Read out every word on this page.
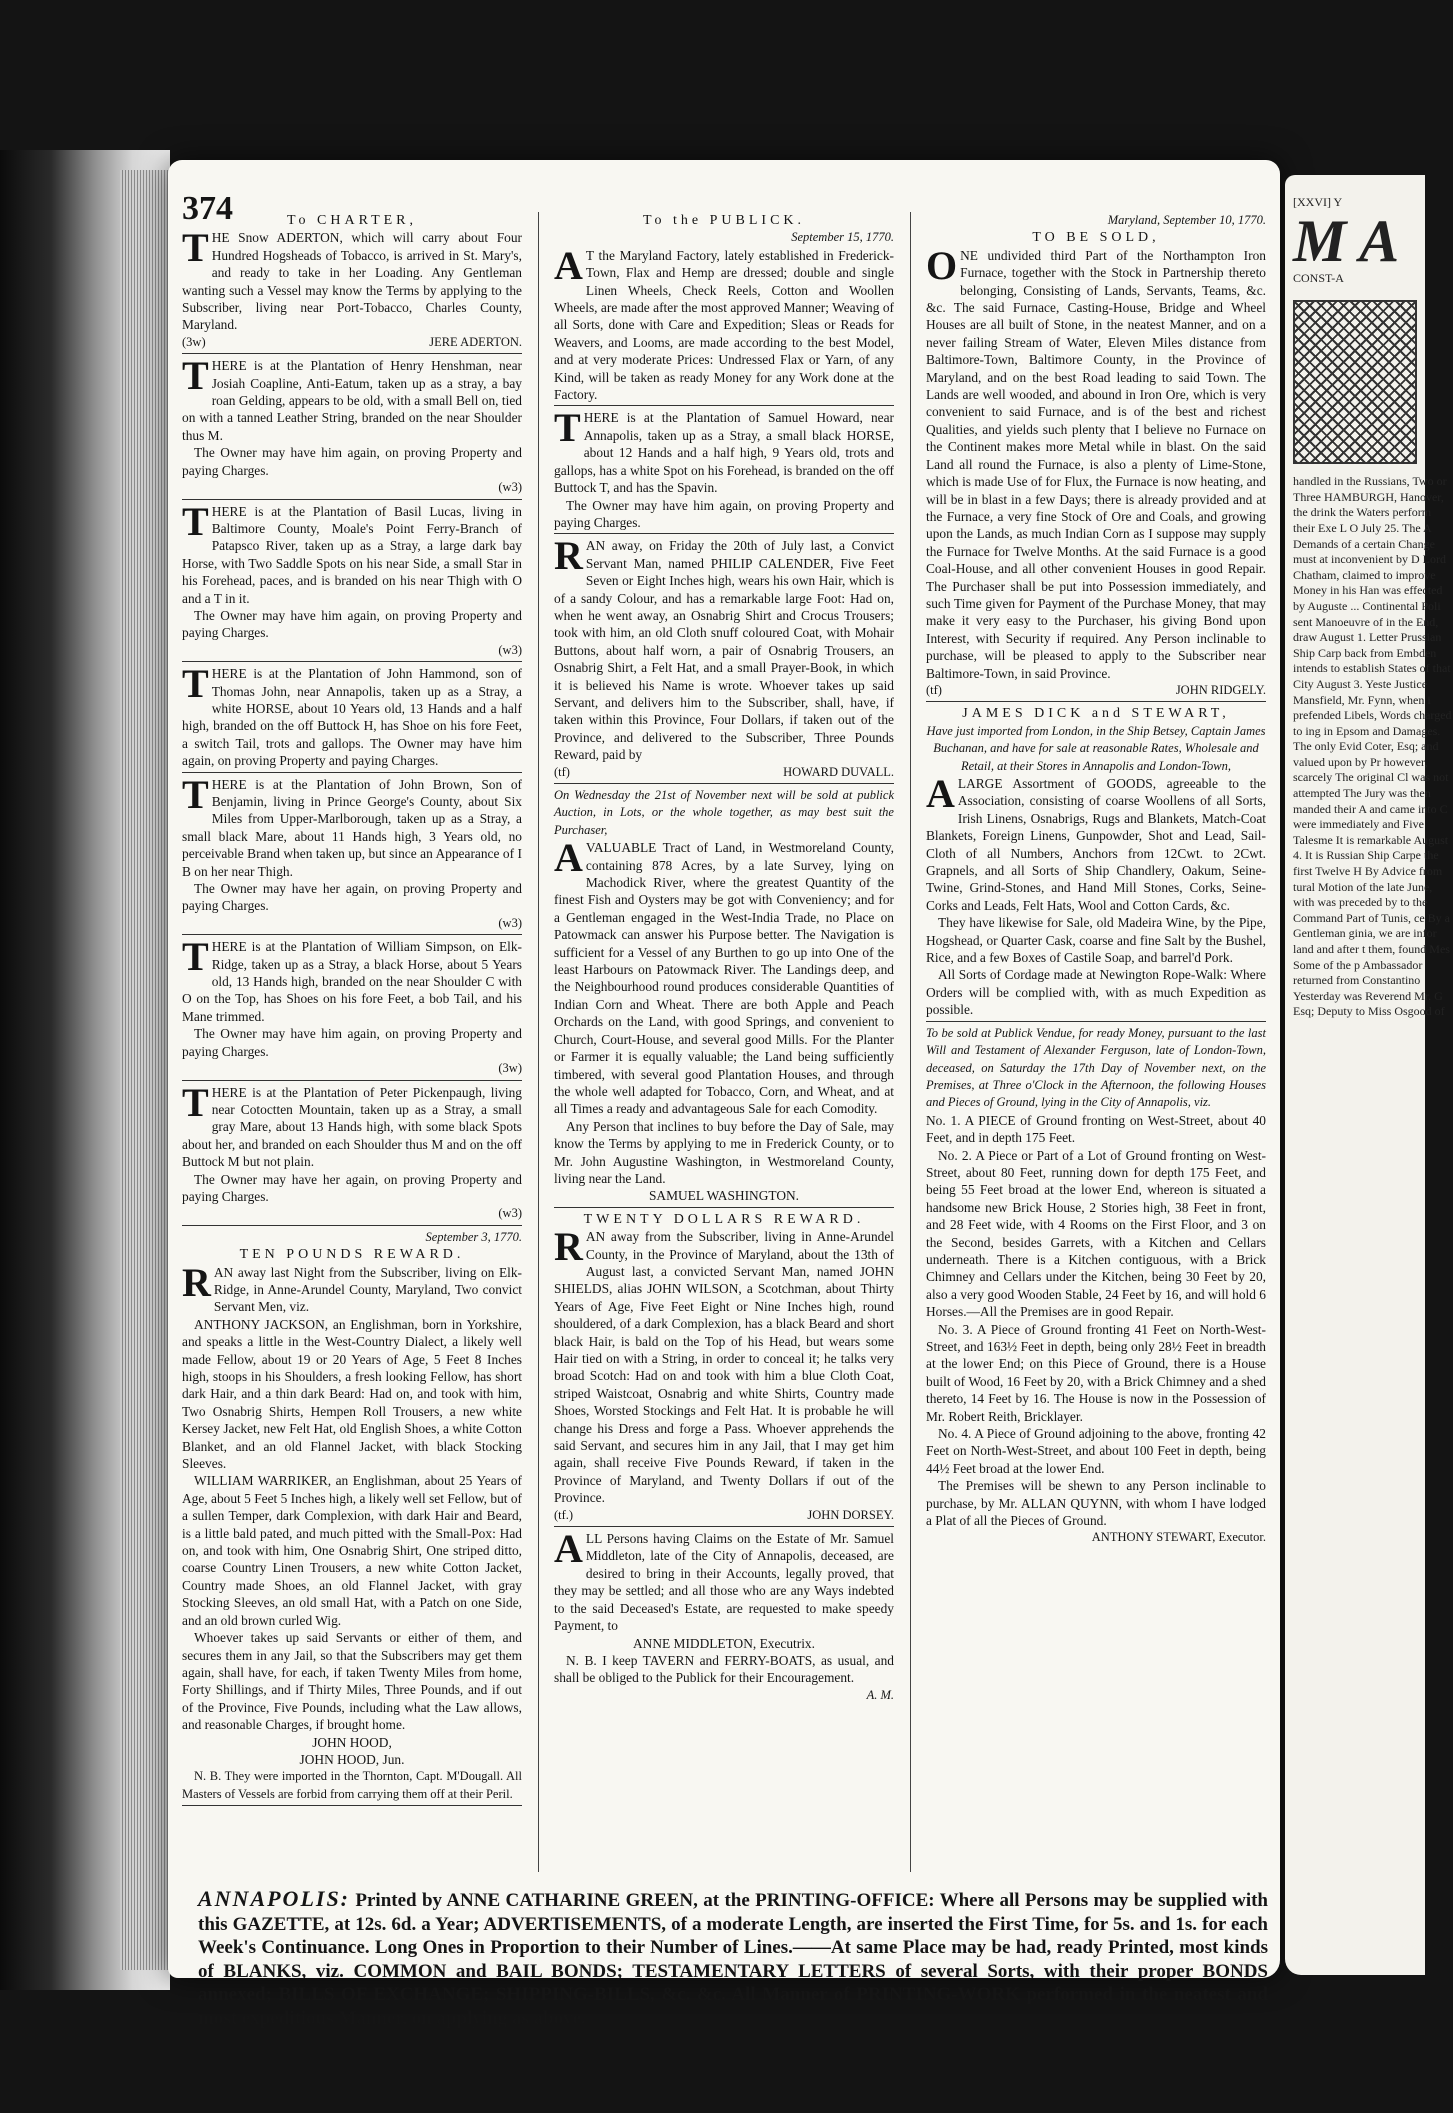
374	To CHARTER,

THE Snow ADERTON, which will carry about Four Hundred Hogsheads of Tobacco, is arrived in St. Mary's, and ready to take in her Loading. Any Gentleman wanting such a Vessel may know the Terms by applying to the Subscriber, living near Port-Tobacco, Charles County, Maryland.

(3w)	JERE ADERTON.

THERE is at the Plantation of Henry Henshman, near Josiah Coapline, Anti-Eatum, taken up as a stray, a bay roan Gelding, appears to be old, with a small Bell on, tied on with a tanned Leather String, branded on the near Shoulder thus M.

The Owner may have him again, on proving Property and paying Charges.

(w3)

THERE is at the Plantation of Basil Lucas, living in Baltimore County, Moale's Point Ferry-Branch of Patapsco River, taken up as a Stray, a large dark bay Horse, with Two Saddle Spots on his near Side, a small Star in his Forehead, paces, and is branded on his near Thigh with O and a T in it.

The Owner may have him again, on proving Property and paying Charges.

(w3)

THERE is at the Plantation of John Hammond, son of Thomas John, near Annapolis, taken up as a Stray, a white HORSE, about 10 Years old, 13 Hands and a half high, branded on the off Buttock H, has Shoe on his fore Feet, a switch Tail, trots and gallops. The Owner may have him again, on proving Property and paying Charges.

THERE is at the Plantation of John Brown, Son of Benjamin, living in Prince George's County, about Six Miles from Upper-Marlborough, taken up as a Stray, a small black Mare, about 11 Hands high, 3 Years old, no perceivable Brand when taken up, but since an Appearance of I B on her near Thigh.

The Owner may have her again, on proving Property and paying Charges.

(w3)

THERE is at the Plantation of William Simpson, on Elk-Ridge, taken up as a Stray, a black Horse, about 5 Years old, 13 Hands high, branded on the near Shoulder C with O on the Top, has Shoes on his fore Feet, a bob Tail, and his Mane trimmed.

The Owner may have him again, on proving Property and paying Charges.

(3w)

THERE is at the Plantation of Peter Pickenpaugh, living near Cotoctten Mountain, taken up as a Stray, a small gray Mare, about 13 Hands high, with some black Spots about her, and branded on each Shoulder thus M and on the off Buttock M but not plain.

The Owner may have her again, on proving Property and paying Charges.

(w3)
September 3, 1770.
TEN POUNDS REWARD.

RAN away last Night from the Subscriber, living on Elk-Ridge, in Anne-Arundel County, Maryland, Two convict Servant Men, viz.

ANTHONY JACKSON, an Englishman, born in Yorkshire, and speaks a little in the West-Country Dialect, a likely well made Fellow, about 19 or 20 Years of Age, 5 Feet 8 Inches high, stoops in his Shoulders, a fresh looking Fellow, has short dark Hair, and a thin dark Beard: Had on, and took with him, Two Osnabrig Shirts, Hempen Roll Trousers, a new white Kersey Jacket, new Felt Hat, old English Shoes, a white Cotton Blanket, and an old Flannel Jacket, with black Stocking Sleeves.

WILLIAM WARRIKER, an Englishman, about 25 Years of Age, about 5 Feet 5 Inches high, a likely well set Fellow, but of a sullen Temper, dark Complexion, with dark Hair and Beard, is a little bald pated, and much pitted with the Small-Pox: Had on, and took with him, One Osnabrig Shirt, One striped ditto, coarse Country Linen Trousers, a new white Cotton Jacket, Country made Shoes, an old Flannel Jacket, with gray Stocking Sleeves, an old small Hat, with a Patch on one Side, and an old brown curled Wig.

Whoever takes up said Servants or either of them, and secures them in any Jail, so that the Subscribers may get them again, shall have, for each, if taken Twenty Miles from home, Forty Shillings, and if Thirty Miles, Three Pounds, and if out of the Province, Five Pounds, including what the Law allows, and reasonable Charges, if brought home.

JOHN HOOD,
JOHN HOOD, Jun.

N. B. They were imported in the Thornton, Capt. M'Dougall. All Masters of Vessels are forbid from carrying them off at their Peril.

To the PUBLICK.
September 15, 1770.

A T the Maryland Factory, lately established in Frederick-Town, Flax and Hemp are dressed; double and single Linen Wheels, Check Reels, Cotton and Woollen Wheels, are made after the most approved Manner; Weaving of all Sorts, done with Care and Expedition; Sleas or Reads for Weavers, and Looms, are made according to the best Model, and at very moderate Prices: Undressed Flax or Yarn, of any Kind, will be taken as ready Money for any Work done at the Factory.

THERE is at the Plantation of Samuel Howard, near Annapolis, taken up as a Stray, a small black HORSE, about 12 Hands and a half high, 9 Years old, trots and gallops, has a white Spot on his Forehead, is branded on the off Buttock T, and has the Spavin.

The Owner may have him again, on proving Property and paying Charges.

RAN away, on Friday the 20th of July last, a Convict Servant Man, named PHILIP CALENDER, Five Feet Seven or Eight Inches high, wears his own Hair, which is of a sandy Colour, and has a remarkable large Foot: Had on, when he went away, an Osnabrig Shirt and Crocus Trousers; took with him, an old Cloth snuff coloured Coat, with Mohair Buttons, about half worn, a pair of Osnabrig Trousers, an Osnabrig Shirt, a Felt Hat, and a small Prayer-Book, in which it is believed his Name is wrote. Whoever takes up said Servant, and delivers him to the Subscriber, shall, have, if taken within this Province, Four Dollars, if taken out of the Province, and delivered to the Subscriber, Three Pounds Reward, paid by

(tf)	HOWARD DUVALL.

On Wednesday the 21st of November next will be sold at publick Auction, in Lots, or the whole together, as may best suit the Purchaser,

AVALUABLE Tract of Land, in Westmoreland County, containing 878 Acres, by a late Survey, lying on Machodick River, where the greatest Quantity of the finest Fish and Oysters may be got with Conveniency; and for a Gentleman engaged in the West-India Trade, no Place on Patowmack can answer his Purpose better. The Navigation is sufficient for a Vessel of any Burthen to go up into One of the least Harbours on Patowmack River. The Landings deep, and the Neighbourhood round produces considerable Quantities of Indian Corn and Wheat. There are both Apple and Peach Orchards on the Land, with good Springs, and convenient to Church, Court-House, and several good Mills. For the Planter or Farmer it is equally valuable; the Land being sufficiently timbered, with several good Plantation Houses, and through the whole well adapted for Tobacco, Corn, and Wheat, and at all Times a ready and advantageous Sale for each Comodity.

Any Person that inclines to buy before the Day of Sale, may know the Terms by applying to me in Frederick County, or to Mr. John Augustine Washington, in Westmoreland County, living near the Land.

SAMUEL WASHINGTON.
TWENTY DOLLARS REWARD.

RAN away from the Subscriber, living in Anne-Arundel County, in the Province of Maryland, about the 13th of August last, a convicted Servant Man, named JOHN SHIELDS, alias JOHN WILSON, a Scotchman, about Thirty Years of Age, Five Feet Eight or Nine Inches high, round shouldered, of a dark Complexion, has a black Beard and short black Hair, is bald on the Top of his Head, but wears some Hair tied on with a String, in order to conceal it; he talks very broad Scotch: Had on and took with him a blue Cloth Coat, striped Waistcoat, Osnabrig and white Shirts, Country made Shoes, Worsted Stockings and Felt Hat. It is probable he will change his Dress and forge a Pass. Whoever apprehends the said Servant, and secures him in any Jail, that I may get him again, shall receive Five Pounds Reward, if taken in the Province of Maryland, and Twenty Dollars if out of the Province.

(tf.)	JOHN DORSEY.

ALL Persons having Claims on the Estate of Mr. Samuel Middleton, late of the City of Annapolis, deceased, are desired to bring in their Accounts, legally proved, that they may be settled; and all those who are any Ways indebted to the said Deceased's Estate, are requested to make speedy Payment, to

ANNE MIDDLETON, Executrix.

N. B. I keep TAVERN and FERRY-BOATS, as usual, and shall be obliged to the Publick for their Encouragement.

A. M.
Maryland, September 10, 1770.
TO BE SOLD,

ONE undivided third Part of the Northampton Iron Furnace, together with the Stock in Partnership thereto belonging, Consisting of Lands, Servants, Teams, &c. &c. The said Furnace, Casting-House, Bridge and Wheel Houses are all built of Stone, in the neatest Manner, and on a never failing Stream of Water, Eleven Miles distance from Baltimore-Town, Baltimore County, in the Province of Maryland, and on the best Road leading to said Town. The Lands are well wooded, and abound in Iron Ore, which is very convenient to said Furnace, and is of the best and richest Qualities, and yields such plenty that I believe no Furnace on the Continent makes more Metal while in blast. On the said Land all round the Furnace, is also a plenty of Lime-Stone, which is made Use of for Flux, the Furnace is now heating, and will be in blast in a few Days; there is already provided and at the Furnace, a very fine Stock of Ore and Coals, and growing upon the Lands, as much Indian Corn as I suppose may supply the Furnace for Twelve Months. At the said Furnace is a good Coal-House, and all other convenient Houses in good Repair. The Purchaser shall be put into Possession immediately, and such Time given for Payment of the Purchase Money, that may make it very easy to the Purchaser, his giving Bond upon Interest, with Security if required. Any Person inclinable to purchase, will be pleased to apply to the Subscriber near Baltimore-Town, in said Province.

(tf)	JOHN RIDGELY.
JAMES DICK and STEWART,

Have just imported from London, in the Ship Betsey, Captain James Buchanan, and have for sale at reasonable Rates, Wholesale and Retail, at their Stores in Annapolis and London-Town,

ALARGE Assortment of GOODS, agreeable to the Association, consisting of coarse Woollens of all Sorts, Irish Linens, Osnabrigs, Rugs and Blankets, Match-Coat Blankets, Foreign Linens, Gunpowder, Shot and Lead, Sail-Cloth of all Numbers, Anchors from 12Cwt. to 2Cwt. Grapnels, and all Sorts of Ship Chandlery, Oakum, Seine-Twine, Grind-Stones, and Hand Mill Stones, Corks, Seine-Corks and Leads, Felt Hats, Wool and Cotton Cards, &c.

They have likewise for Sale, old Madeira Wine, by the Pipe, Hogshead, or Quarter Cask, coarse and fine Salt by the Bushel, Rice, and a few Boxes of Castile Soap, and barrel'd Pork.

All Sorts of Cordage made at Newington Rope-Walk: Where Orders will be complied with, with as much Expedition as possible.

To be sold at Publick Vendue, for ready Money, pursuant to the last Will and Testament of Alexander Ferguson, late of London-Town, deceased, on Saturday the 17th Day of November next, on the Premises, at Three o'Clock in the Afternoon, the following Houses and Pieces of Ground, lying in the City of Annapolis, viz.

No. 1. A PIECE of Ground fronting on West-Street, about 40 Feet, and in depth 175 Feet.

No. 2. A Piece or Part of a Lot of Ground fronting on West-Street, about 80 Feet, running down for depth 175 Feet, and being 55 Feet broad at the lower End, whereon is situated a handsome new Brick House, 2 Stories high, 38 Feet in front, and 28 Feet wide, with 4 Rooms on the First Floor, and 3 on the Second, besides Garrets, with a Kitchen and Cellars underneath. There is a Kitchen contiguous, with a Brick Chimney and Cellars under the Kitchen, being 30 Feet by 20, also a very good Wooden Stable, 24 Feet by 16, and will hold 6 Horses.—All the Premises are in good Repair.

No. 3. A Piece of Ground fronting 41 Feet on North-West-Street, and 163½ Feet in depth, being only 28½ Feet in breadth at the lower End; on this Piece of Ground, there is a House built of Wood, 16 Feet by 20, with a Brick Chimney and a shed thereto, 14 Feet by 16. The House is now in the Possession of Mr. Robert Reith, Bricklayer.

No. 4. A Piece of Ground adjoining to the above, fronting 42 Feet on North-West-Street, and about 100 Feet in depth, being 44½ Feet broad at the lower End.

The Premises will be shewn to any Person inclinable to purchase, by Mr. ALLAN QUYNN, with whom I have lodged a Plat of all the Pieces of Ground.

ANTHONY STEWART, Executor.
ANNAPOLIS: Printed by ANNE CATHARINE GREEN, at the PRINTING-OFFICE: Where all Persons may be supplied with this GAZETTE, at 12s. 6d. a Year; ADVERTISEMENTS, of a moderate Length, are inserted the First Time, for 5s. and 1s. for each Week's Continuance. Long Ones in Proportion to their Number of Lines.——At same Place may be had, ready Printed, most kinds of BLANKS, viz. COMMON and BAIL BONDS; TESTAMENTARY LETTERS of several Sorts, with their proper BONDS annexed; BILLS OF EXCHANGE; SHIPPING-BILLS, &c. &c. All Manner of PRINTING-WORK performed in the neatest and most expeditious Manner, on applying as above.
[XXVI] Y
M A
CONST-A
handled in the Russians, Two or Three HAMBURGH, Hanover, the drink the Waters perform their Exe L O July 25. The A Demands of a certain Change must at inconvenient by D Lord Chatham, claimed to improve Money in his Han was effected by Auguste ... Continental Poli sent Manoeuvre of in the End, draw August 1. Letter Prussian Ship Carp back from Embden intends to establish States of that City August 3. Yeste Justice Mansfield, Mr. Fynn, when i prefended Libels, Words charged to ing in Epsom and Damages. The only Evid Coter, Esq; and valued upon by Pr however, scarcely The original Cl was not attempted The Jury was then manded their A and came into C were immediately and Five Talesme It is remarkable August 4. It is Russian Ship Carpe the first Twelve H By Advice from tural Motion of the late June, with was preceded by to the Command Part of Tunis, ce By a Gentleman ginia, we are infor land and after t them, found Mes Some of the p Ambassador returned from Constantino Yesterday was Reverend Mr. G Esq; Deputy to Miss Osgood of
